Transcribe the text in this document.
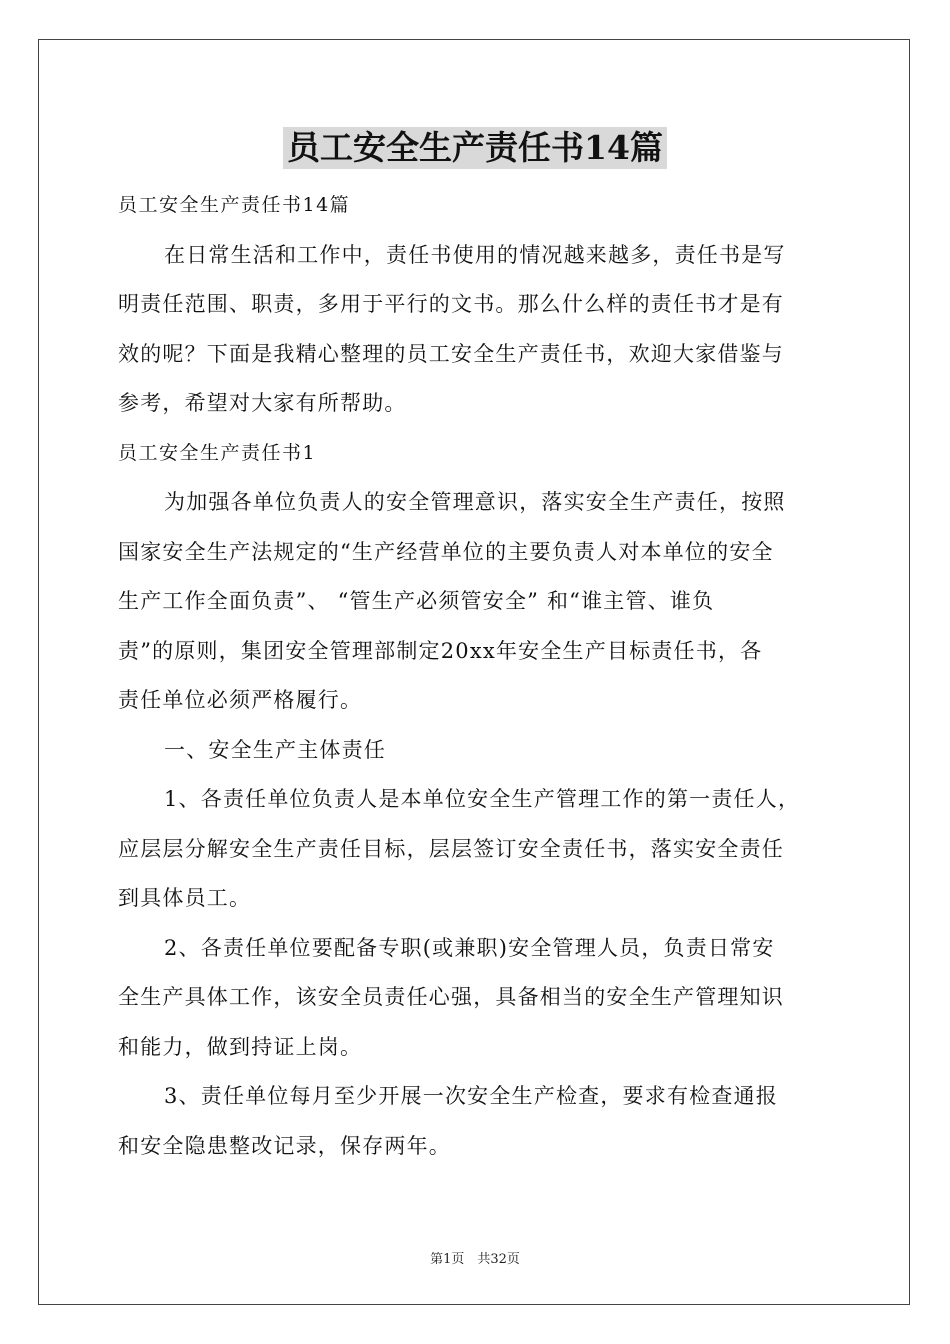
员工安全生产责任书14篇
员工安全生产责任书14篇
在日常生活和工作中，责任书使用的情况越来越多，责任书是写
明责任范围、职责，多用于平行的文书。那么什么样的责任书才是有
效的呢？下面是我精心整理的员工安全生产责任书，欢迎大家借鉴与
参考，希望对大家有所帮助。
员工安全生产责任书1
为加强各单位负责人的安全管理意识，落实安全生产责任，按照
国家安全生产法规定的“生产经营单位的主要负责人对本单位的安全
生产工作全面负责”、 “管生产必须管安全” 和“谁主管、谁负
责”的原则，集团安全管理部制定20xx年安全生产目标责任书，各
责任单位必须严格履行。
一、安全生产主体责任
1、各责任单位负责人是本单位安全生产管理工作的第一责任人，
应层层分解安全生产责任目标，层层签订安全责任书，落实安全责任
到具体员工。
2、各责任单位要配备专职(或兼职)安全管理人员，负责日常安
全生产具体工作，该安全员责任心强，具备相当的安全生产管理知识
和能力，做到持证上岗。
3、责任单位每月至少开展一次安全生产检查，要求有检查通报
和安全隐患整改记录，保存两年。
第1页　共32页
